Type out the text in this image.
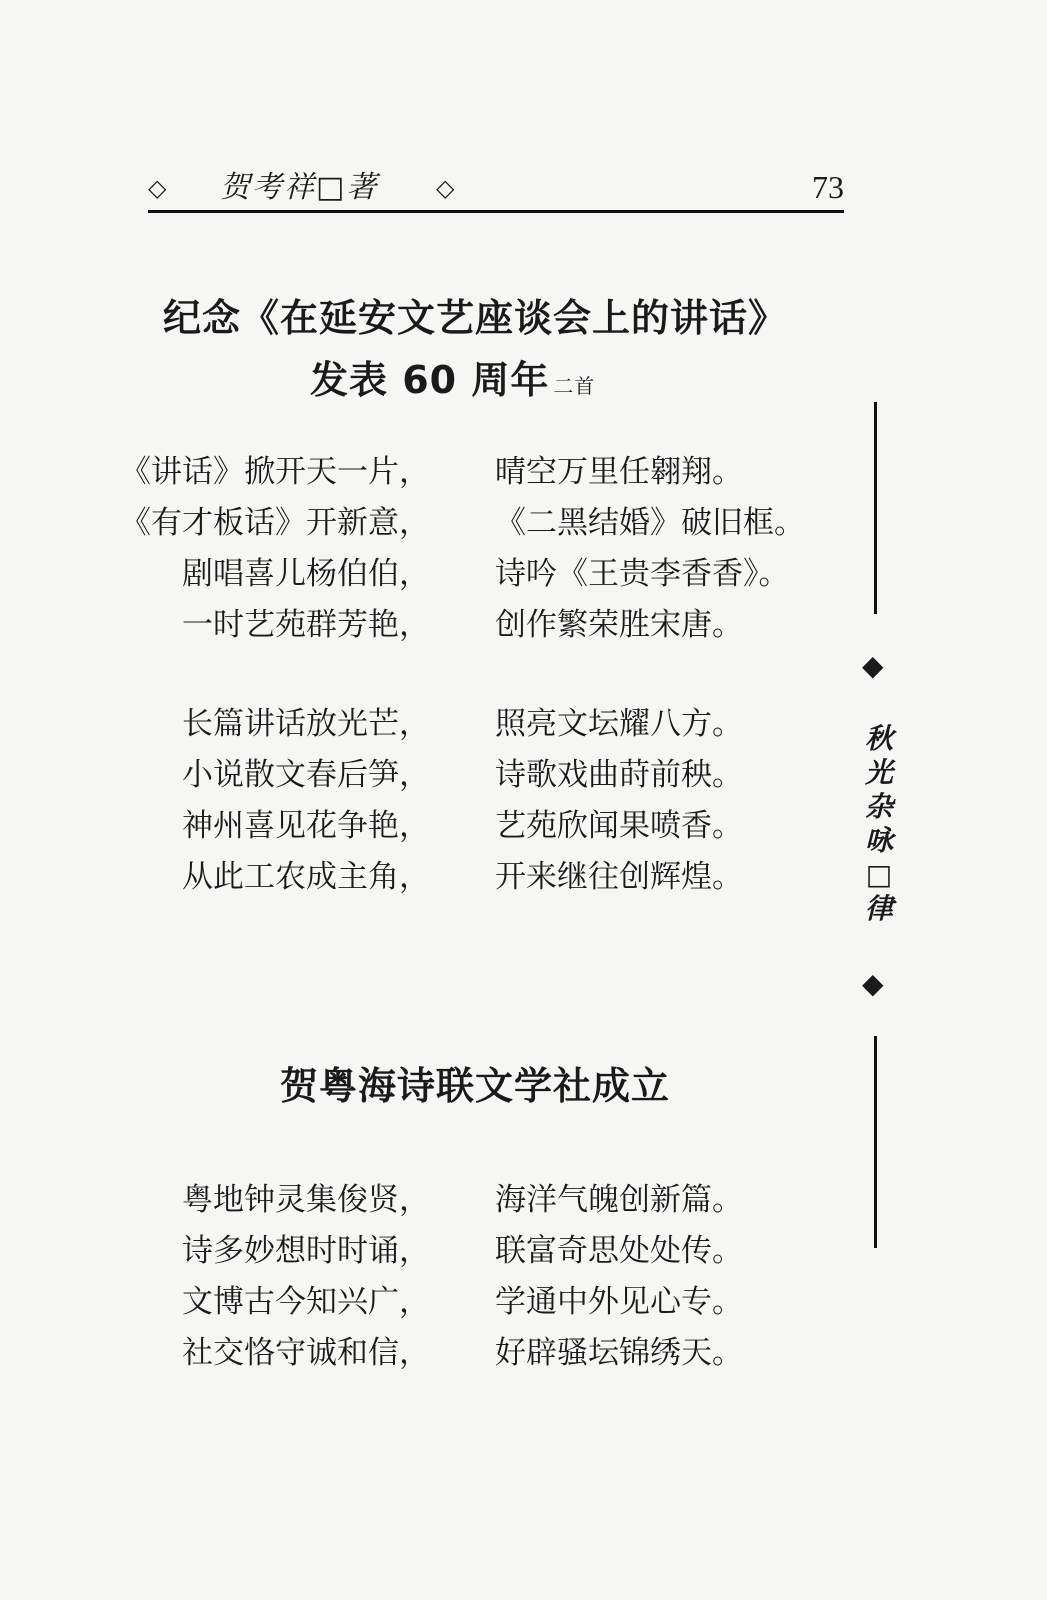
◇ 贺考祥□著 ◇	73
纪念《在延安文艺座谈会上的讲话》
发表 60 周年 二首
《讲话》掀开天一片， 晴空万里任翱翔。
《有才板话》开新意， 《二黑结婚》破旧框。
剧唱喜儿杨伯伯， 诗吟《王贵李香香》。
一时艺苑群芳艳， 创作繁荣胜宋唐。
长篇讲话放光芒， 照亮文坛耀八方。
小说散文春后笋， 诗歌戏曲莳前秧。
神州喜见花争艳， 艺苑欣闻果喷香。
从此工农成主角， 开来继往创辉煌。
贺粤海诗联文学社成立
粤地钟灵集俊贤， 海洋气魄创新篇。
诗多妙想时时诵， 联富奇思处处传。
文博古今知兴广， 学通中外见心专。
社交恪守诚和信， 好辟骚坛锦绣天。
◆
秋光杂咏□律
◆
